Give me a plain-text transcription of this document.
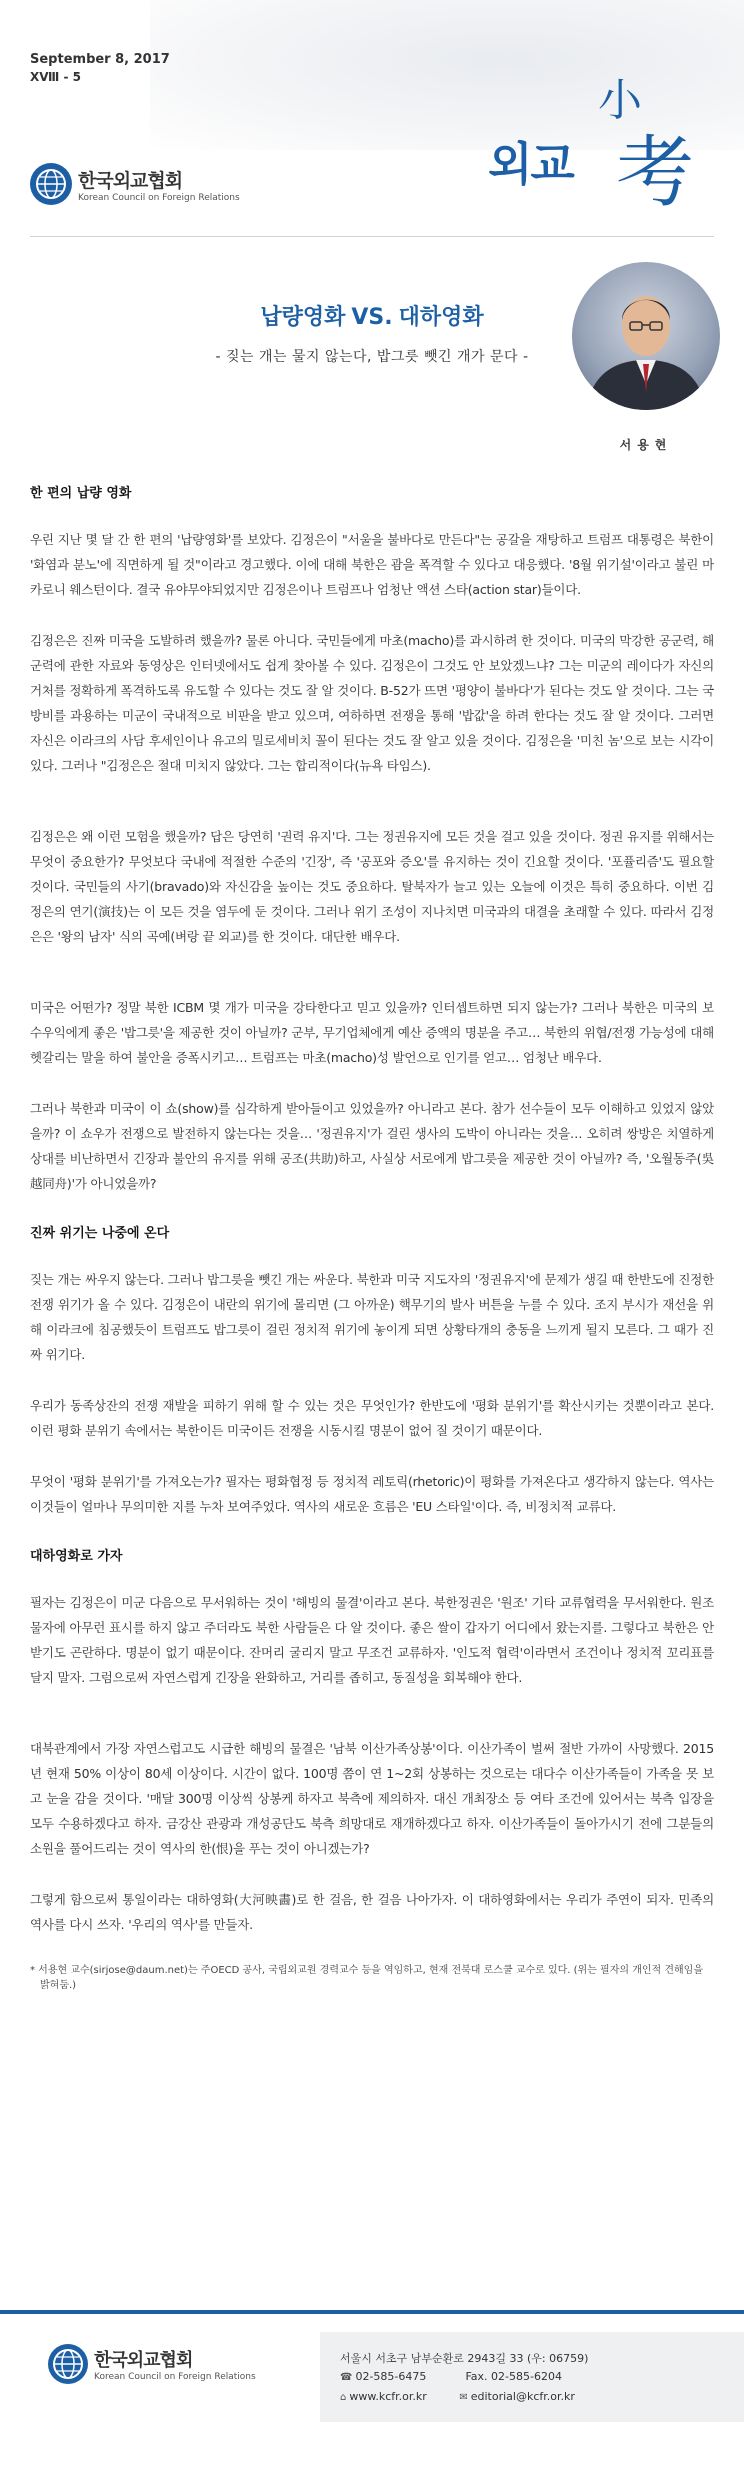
September 8, 2017
XⅧ - 5
한국외교협회
Korean Council on Foreign Relations
小
외교 考
납량영화 VS. 대하영화
- 짖는 개는 물지 않는다, 밥그릇 뺏긴 개가 문다 -
서용현
한 편의 납량 영화
우린 지난 몇 달 간 한 편의 '납량영화'를 보았다. 김정은이 "서울을 불바다로 만든다"는 공갈을 재탕하고 트럼프 대통령은 북한이 '화염과 분노'에 직면하게 될 것"이라고 경고했다. 이에 대해 북한은 괌을 폭격할 수 있다고 대응했다. '8월 위기설'이라고 불린 마카로니 웨스턴이다. 결국 유야무야되었지만 김정은이나 트럼프나 엄청난 액션 스타(action star)들이다.
김정은은 진짜 미국을 도발하려 했을까? 물론 아니다. 국민들에게 마초(macho)를 과시하려 한 것이다. 미국의 막강한 공군력, 해군력에 관한 자료와 동영상은 인터넷에서도 쉽게 찾아볼 수 있다. 김정은이 그것도 안 보았겠느냐? 그는 미군의 레이다가 자신의 거처를 정확하게 폭격하도록 유도할 수 있다는 것도 잘 알 것이다. B-52가 뜨면 '평양이 불바다'가 된다는 것도 알 것이다. 그는 국방비를 과용하는 미군이 국내적으로 비판을 받고 있으며, 여하하면 전쟁을 통해 '밥값'을 하려 한다는 것도 잘 알 것이다. 그러면 자신은 이라크의 사담 후세인이나 유고의 밀로세비치 꼴이 된다는 것도 잘 알고 있을 것이다. 김정은을 '미친 놈'으로 보는 시각이 있다. 그러나 "김정은은 절대 미치지 않았다. 그는 합리적이다(뉴욕 타임스).
김정은은 왜 이런 모험을 했을까? 답은 당연히 '권력 유지'다. 그는 정권유지에 모든 것을 걸고 있을 것이다. 정권 유지를 위해서는 무엇이 중요한가? 무엇보다 국내에 적절한 수준의 '긴장', 즉 '공포와 증오'를 유지하는 것이 긴요할 것이다. '포퓰리즘'도 필요할 것이다. 국민들의 사기(bravado)와 자신감을 높이는 것도 중요하다. 탈북자가 늘고 있는 오늘에 이것은 특히 중요하다. 이번 김정은의 연기(演技)는 이 모든 것을 염두에 둔 것이다. 그러나 위기 조성이 지나치면 미국과의 대결을 초래할 수 있다. 따라서 김정은은 '왕의 남자' 식의 곡예(벼랑 끝 외교)를 한 것이다. 대단한 배우다.
미국은 어떤가? 정말 북한 ICBM 몇 개가 미국을 강타한다고 믿고 있을까? 인터셉트하면 되지 않는가? 그러나 북한은 미국의 보수우익에게 좋은 '밥그릇'을 제공한 것이 아닐까? 군부, 무기업체에게 예산 증액의 명분을 주고… 북한의 위협/전쟁 가능성에 대해 헷갈리는 말을 하여 불안을 증폭시키고… 트럼프는 마초(macho)성 발언으로 인기를 얻고… 엄청난 배우다.
그러나 북한과 미국이 이 쇼(show)를 심각하게 받아들이고 있었을까? 아니라고 본다. 참가 선수들이 모두 이해하고 있었지 않았을까? 이 쇼우가 전쟁으로 발전하지 않는다는 것을… '정권유지'가 걸린 생사의 도박이 아니라는 것을… 오히려 쌍방은 치열하게 상대를 비난하면서 긴장과 불안의 유지를 위해 공조(共助)하고, 사실상 서로에게 밥그릇을 제공한 것이 아닐까? 즉, '오월동주(吳越同舟)'가 아니었을까?
진짜 위기는 나중에 온다
짖는 개는 싸우지 않는다. 그러나 밥그릇을 뺏긴 개는 싸운다. 북한과 미국 지도자의 '정권유지'에 문제가 생길 때 한반도에 진정한 전쟁 위기가 올 수 있다. 김정은이 내란의 위기에 몰리면 (그 아까운) 핵무기의 발사 버튼을 누를 수 있다. 조지 부시가 재선을 위해 이라크에 침공했듯이 트럼프도 밥그릇이 걸린 정치적 위기에 놓이게 되면 상황타개의 충동을 느끼게 될지 모른다. 그 때가 진짜 위기다.
우리가 동족상잔의 전쟁 재발을 피하기 위해 할 수 있는 것은 무엇인가? 한반도에 '평화 분위기'를 확산시키는 것뿐이라고 본다. 이런 평화 분위기 속에서는 북한이든 미국이든 전쟁을 시동시킬 명분이 없어 질 것이기 때문이다.
무엇이 '평화 분위기'를 가져오는가? 필자는 평화협정 등 정치적 레토릭(rhetoric)이 평화를 가져온다고 생각하지 않는다. 역사는 이것들이 얼마나 무의미한 지를 누차 보여주었다. 역사의 새로운 흐름은 'EU 스타일'이다. 즉, 비정치적 교류다.
대하영화로 가자
필자는 김정은이 미군 다음으로 무서워하는 것이 '해빙의 물결'이라고 본다. 북한정권은 '원조' 기타 교류협력을 무서워한다. 원조물자에 아무런 표시를 하지 않고 주더라도 북한 사람들은 다 알 것이다. 좋은 쌀이 갑자기 어디에서 왔는지를. 그렇다고 북한은 안 받기도 곤란하다. 명분이 없기 때문이다. 잔머리 굴리지 말고 무조건 교류하자. '인도적 협력'이라면서 조건이나 정치적 꼬리표를 달지 말자. 그럼으로써 자연스럽게 긴장을 완화하고, 거리를 좁히고, 동질성을 회복해야 한다.
대북관계에서 가장 자연스럽고도 시급한 해빙의 물결은 '남북 이산가족상봉'이다. 이산가족이 벌써 절반 가까이 사망했다. 2015년 현재 50% 이상이 80세 이상이다. 시간이 없다. 100명 쯤이 연 1~2회 상봉하는 것으로는 대다수 이산가족들이 가족을 못 보고 눈을 감을 것이다. '매달 300명 이상씩 상봉케 하자고 북측에 제의하자. 대신 개최장소 등 여타 조건에 있어서는 북측 입장을 모두 수용하겠다고 하자. 금강산 관광과 개성공단도 북측 희망대로 재개하겠다고 하자. 이산가족들이 돌아가시기 전에 그분들의 소원을 풀어드리는 것이 역사의 한(恨)을 푸는 것이 아니겠는가?
그렇게 함으로써 통일이라는 대하영화(大河映畵)로 한 걸음, 한 걸음 나아가자. 이 대하영화에서는 우리가 주연이 되자. 민족의 역사를 다시 쓰자. '우리의 역사'를 만들자.
* 서용현 교수(sirjose@daum.net)는 주OECD 공사, 국립외교원 경력교수 등을 역임하고, 현재 전북대 로스쿨 교수로 있다. (위는 필자의 개인적 견해임을 밝혀둠.)
한국외교협회
Korean Council on Foreign Relations
서울시 서초구 남부순환로 2943길 33 (우: 06759)
☎ 02-585-6475	Fax. 02-585-6204
⌂ www.kcfr.or.kr	✉ editorial@kcfr.or.kr
